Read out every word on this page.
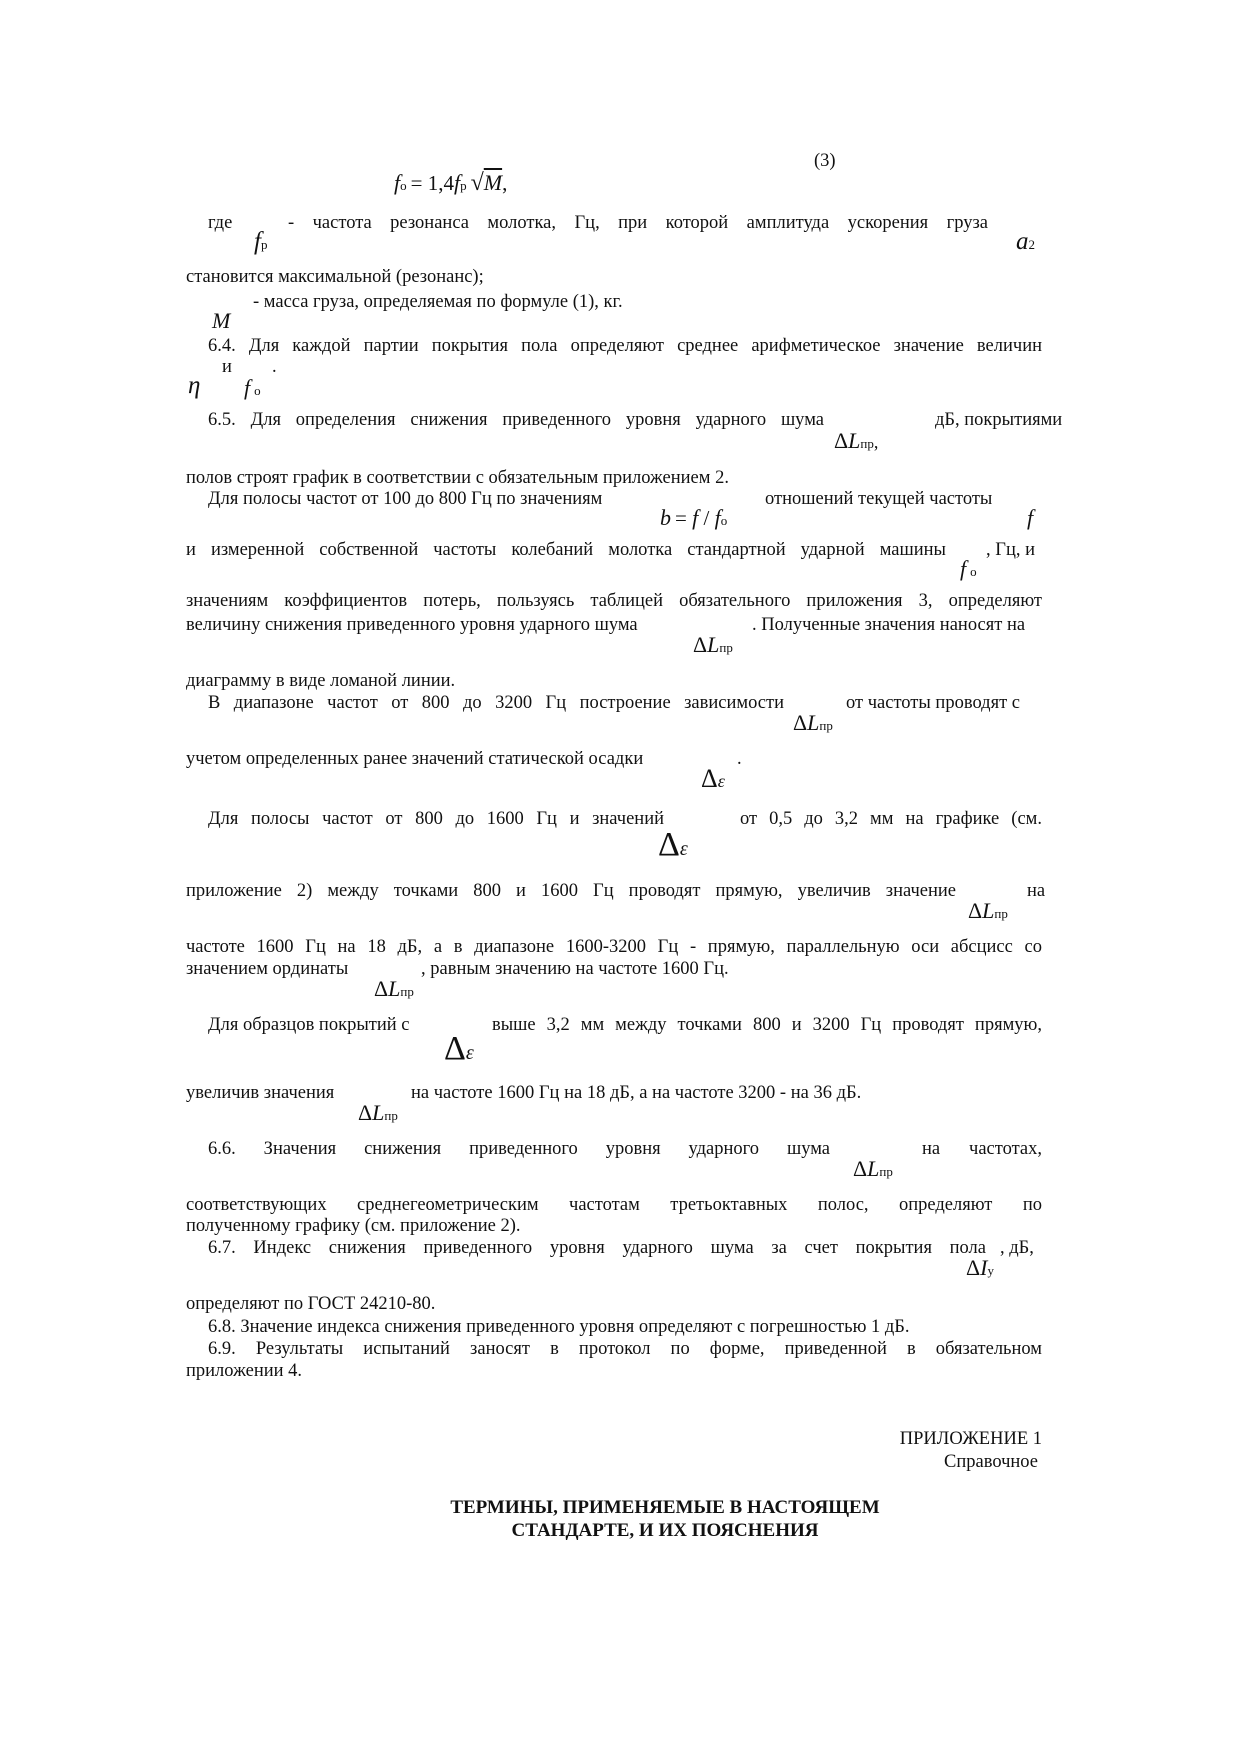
(3)
fо = 1,4fр √M,
где	- частота резонанса молотка, Гц, при которой амплитуда ускорения груза
fр	a2
становится максимальной (резонанс);
- масса груза, определяемая по формуле (1), кг.
M
6.4. Для каждой партии покрытия пола определяют среднее арифметическое значение величин
и .
η f о
6.5. Для определения снижения приведенного уровня ударного шума	дБ, покрытиями
ΔLпр,
полов строят график в соответствии с обязательным приложением 2.
Для полосы частот от 100 до 800 Гц по значениям	отношений текущей частоты
b = f / fо	f
и измеренной собственной частоты колебаний молотка стандартной ударной машины , Гц, и
f о
значениям коэффициентов потерь, пользуясь таблицей обязательного приложения 3, определяют
величину снижения приведенного уровня ударного шума	. Полученные значения наносят на
ΔLпр
диаграмму в виде ломаной линии.
В диапазоне частот от 800 до 3200 Гц построение зависимости	от частоты проводят с
ΔLпр
учетом определенных ранее значений статической осадки	.
Δε
Для полосы частот от 800 до 1600 Гц и значений	от 0,5 до 3,2 мм на графике (см.
Δε
приложение 2) между точками 800 и 1600 Гц проводят прямую, увеличив значение	на
ΔLпр
частоте 1600 Гц на 18 дБ, а в диапазоне 1600-3200 Гц - прямую, параллельную оси абсцисс со
значением ординаты	, равным значению на частоте 1600 Гц.
ΔLпр
Для образцов покрытий с	выше 3,2 мм между точками 800 и 3200 Гц проводят прямую,
Δε
увеличив значения	на частоте 1600 Гц на 18 дБ, а на частоте 3200 - на 36 дБ.
ΔLпр
6.6. Значения снижения приведенного уровня ударного шума	на частотах,
ΔLпр
соответствующих среднегеометрическим частотам третьоктавных полос, определяют по
полученному графику (см. приложение 2).
6.7. Индекс снижения приведенного уровня ударного шума за счет покрытия пола , дБ,
ΔIу
определяют по ГОСТ 24210-80.
6.8. Значение индекса снижения приведенного уровня определяют с погрешностью 1 дБ.
6.9. Результаты испытаний заносят в протокол по форме, приведенной в обязательном
приложении 4.
ПРИЛОЖЕНИЕ 1
Справочное
ТЕРМИНЫ, ПРИМЕНЯЕМЫЕ В НАСТОЯЩЕМ
СТАНДАРТЕ, И ИХ ПОЯСНЕНИЯ
